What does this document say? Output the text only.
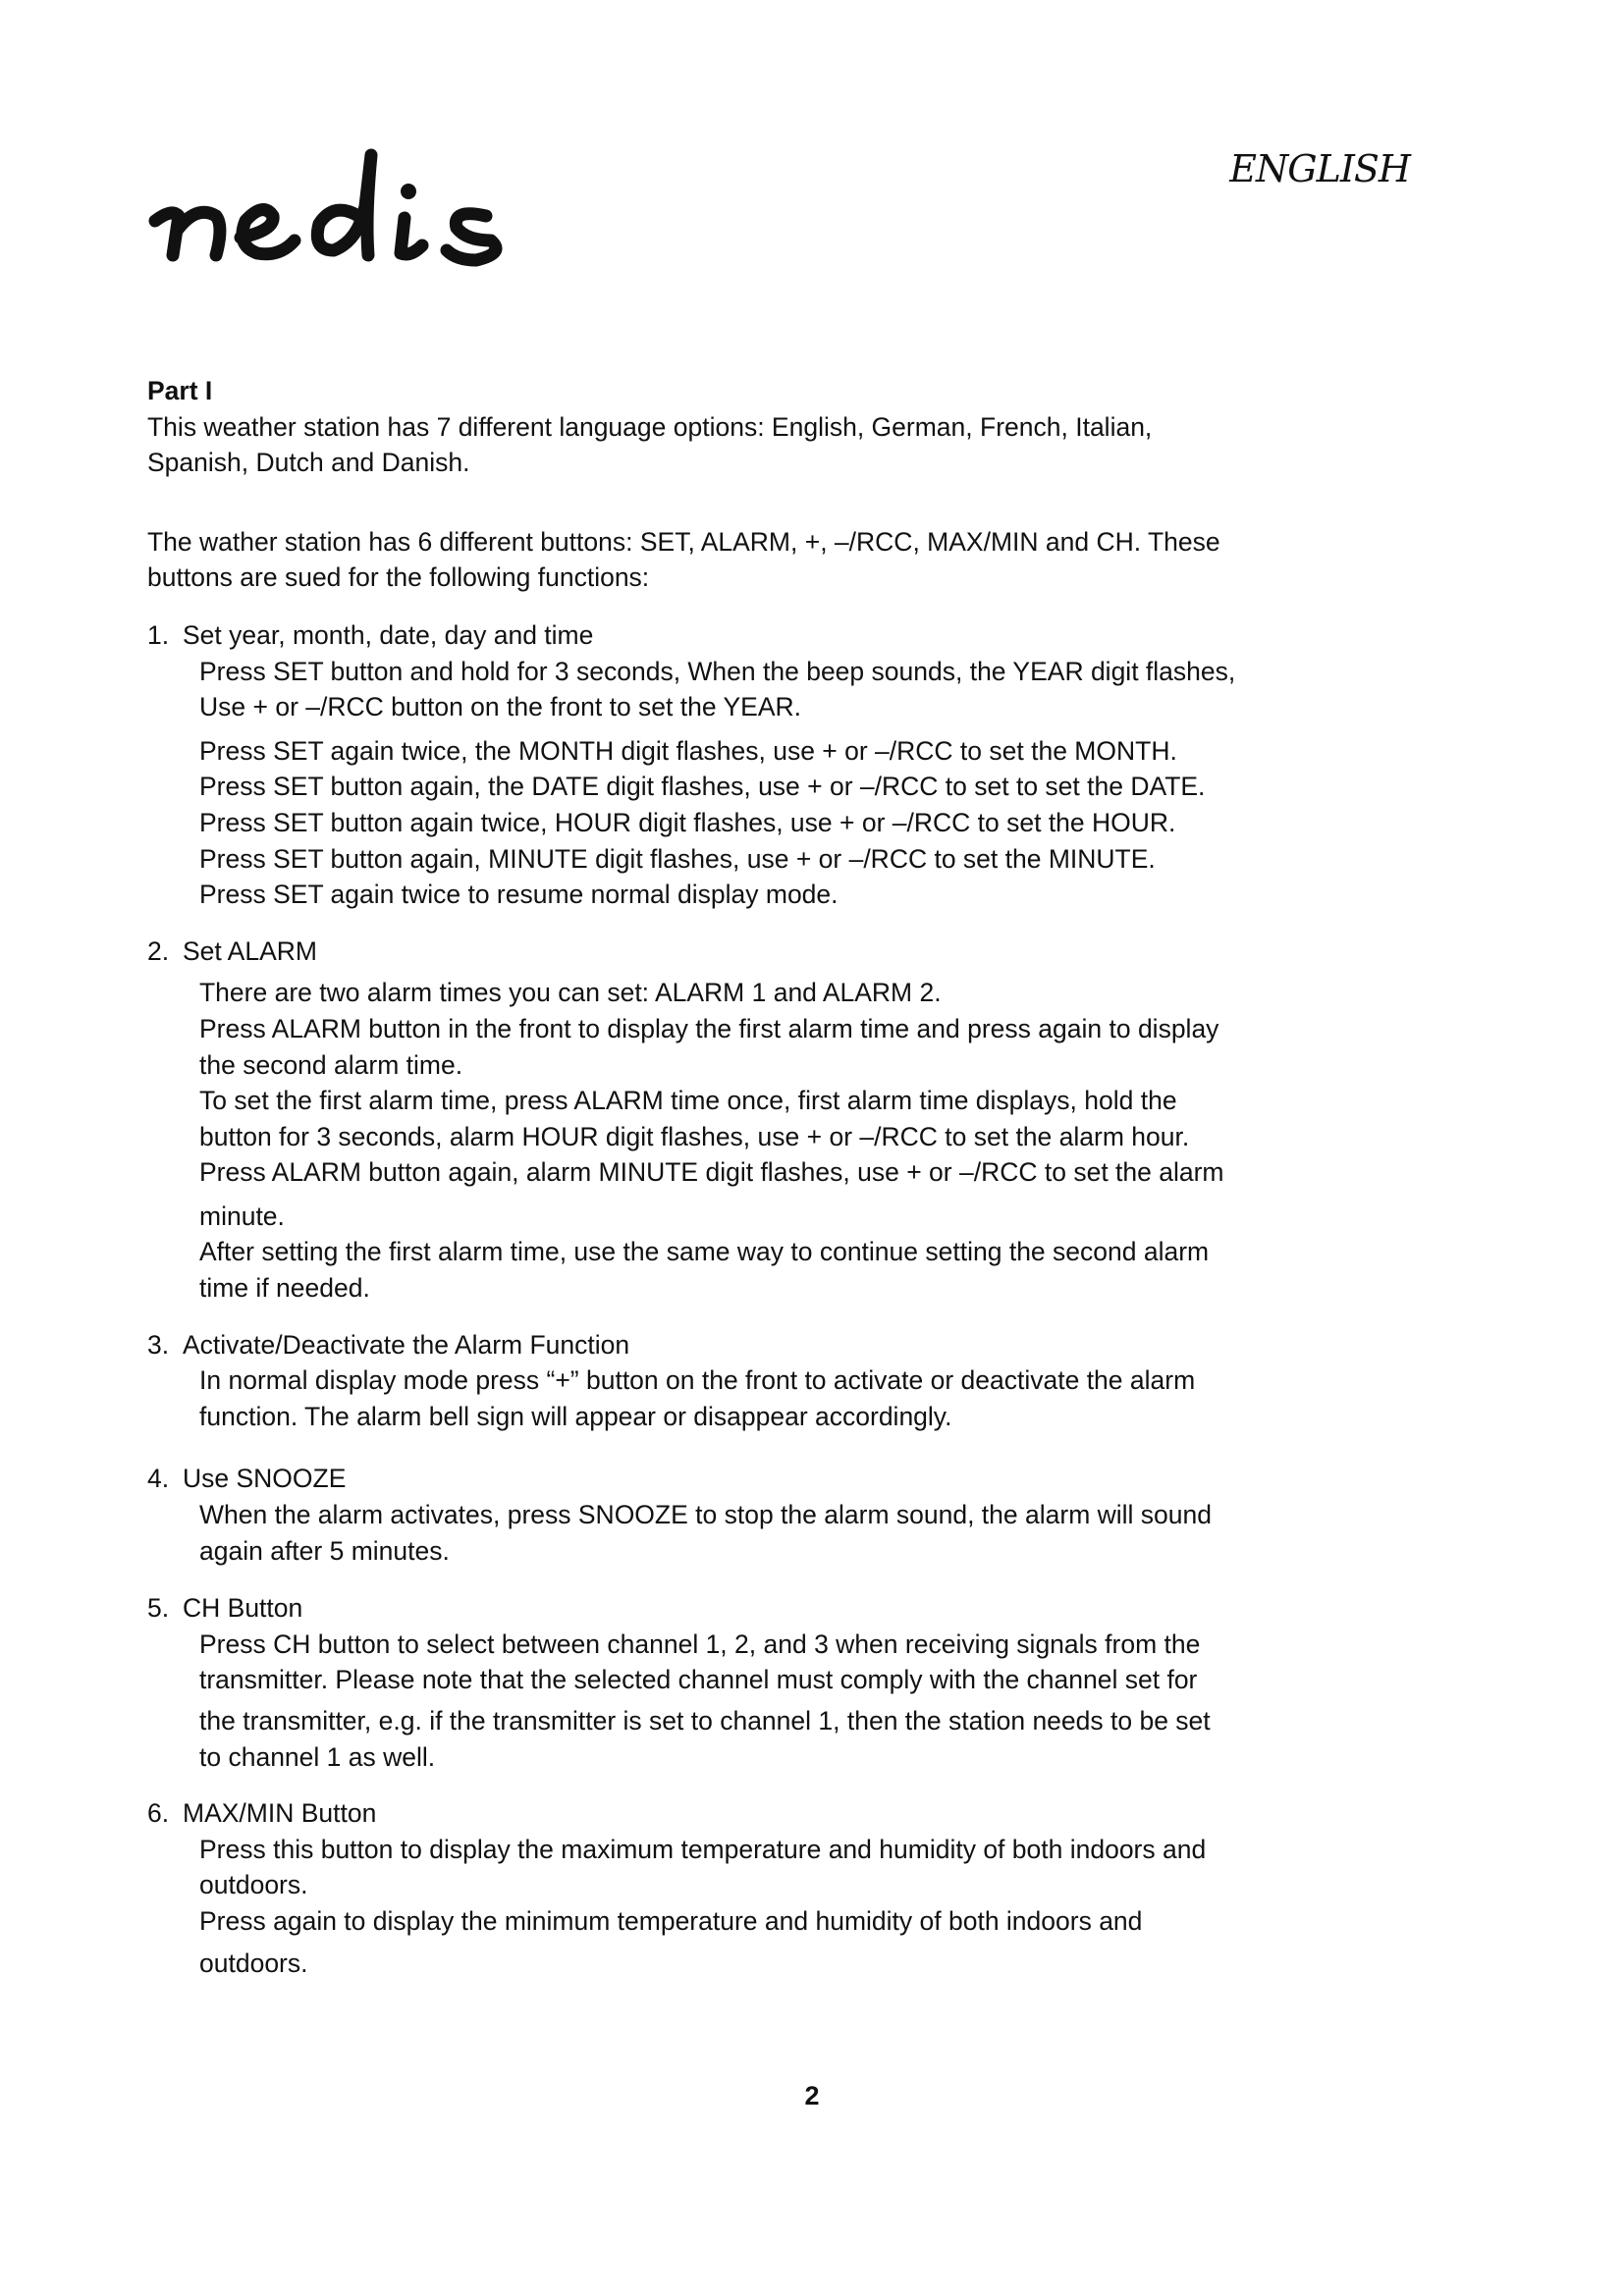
ENGLISH
Part I
This weather station has 7 different language options: English, German, French, Italian,
Spanish, Dutch and Danish.
The wather station has 6 different buttons: SET, ALARM, +, –/RCC, MAX/MIN and CH. These
buttons are sued for the following functions:
1. Set year, month, date, day and time
Press SET button and hold for 3 seconds, When the beep sounds, the YEAR digit flashes,
Use + or –/RCC button on the front to set the YEAR.
Press SET again twice, the MONTH digit flashes, use + or –/RCC to set the MONTH.
Press SET button again, the DATE digit flashes, use + or –/RCC to set to set the DATE.
Press SET button again twice, HOUR digit flashes, use + or –/RCC to set the HOUR.
Press SET button again, MINUTE digit flashes, use + or –/RCC to set the MINUTE.
Press SET again twice to resume normal display mode.
2. Set ALARM
There are two alarm times you can set: ALARM 1 and ALARM 2.
Press ALARM button in the front to display the first alarm time and press again to display
the second alarm time.
To set the first alarm time, press ALARM time once, first alarm time displays, hold the
button for 3 seconds, alarm HOUR digit flashes, use + or –/RCC to set the alarm hour.
Press ALARM button again, alarm MINUTE digit flashes, use + or –/RCC to set the alarm
minute.
After setting the first alarm time, use the same way to continue setting the second alarm
time if needed.
3. Activate/Deactivate the Alarm Function
In normal display mode press “+” button on the front to activate or deactivate the alarm
function. The alarm bell sign will appear or disappear accordingly.
4. Use SNOOZE
When the alarm activates, press SNOOZE to stop the alarm sound, the alarm will sound
again after 5 minutes.
5. CH Button
Press CH button to select between channel 1, 2, and 3 when receiving signals from the
transmitter. Please note that the selected channel must comply with the channel set for
the transmitter, e.g. if the transmitter is set to channel 1, then the station needs to be set
to channel 1 as well.
6. MAX/MIN Button
Press this button to display the maximum temperature and humidity of both indoors and
outdoors.
Press again to display the minimum temperature and humidity of both indoors and
outdoors.
2
